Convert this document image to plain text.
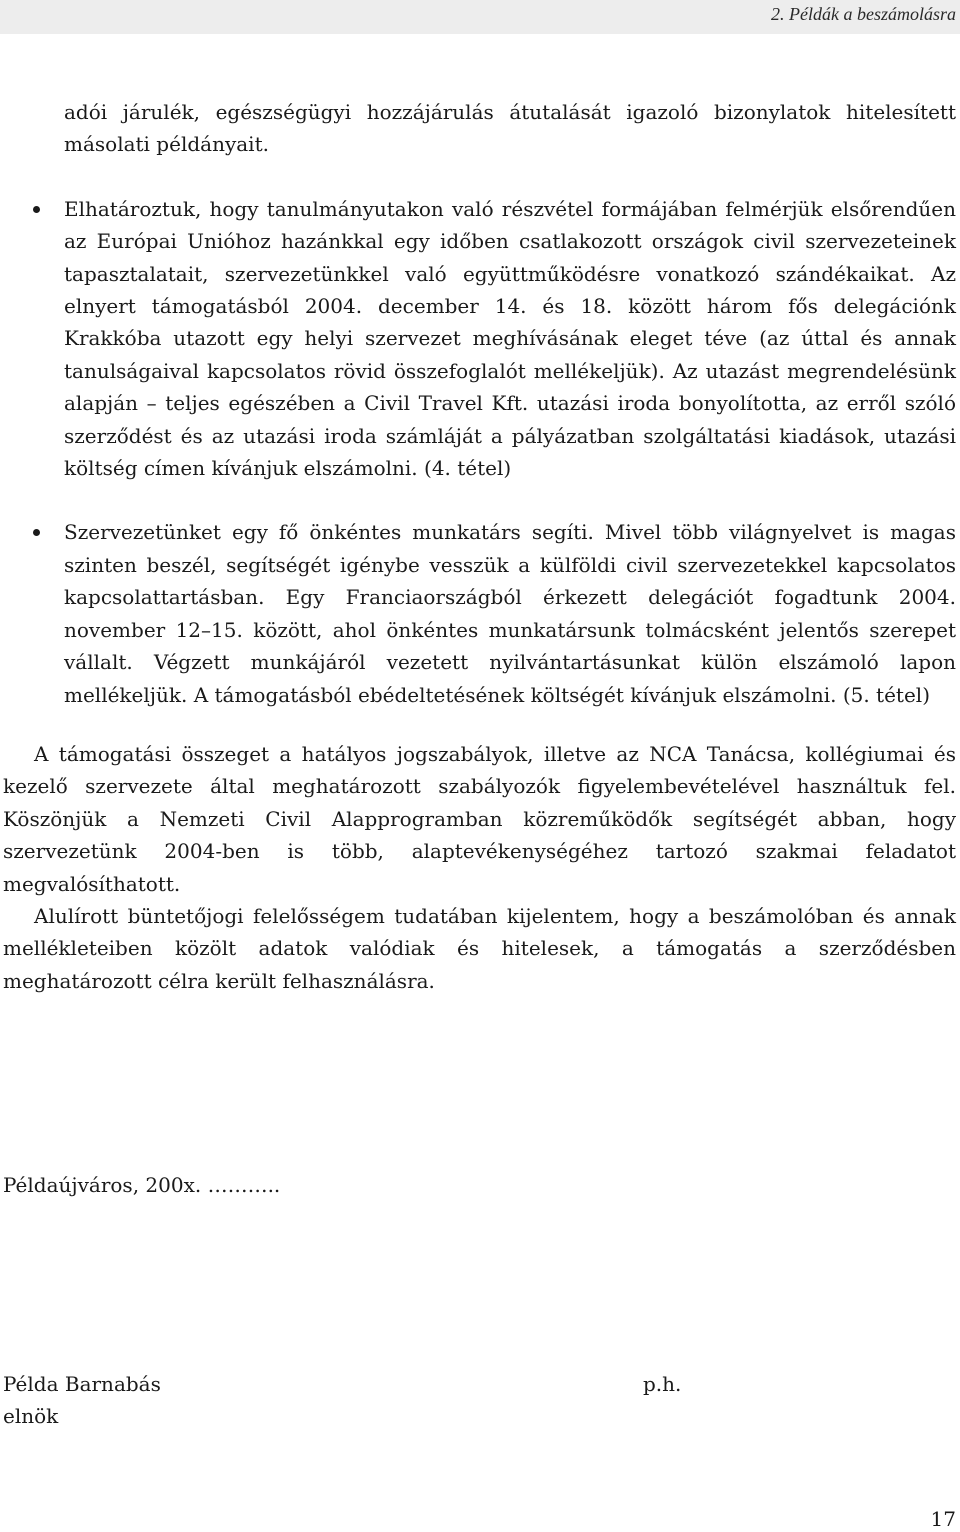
2. Példák a beszámolásra
adói járulék, egészségügyi hozzájárulás átutalását igazoló bizonylatok hitelesített másolati példányait.
Elhatároztuk, hogy tanulmányutakon való részvétel formájában felmérjük elsőrendűen az Európai Unióhoz hazánkkal egy időben csatlakozott országok civil szervezeteinek tapasztalatait, szervezetünkkel való együttműködésre vonatkozó szándékaikat. Az elnyert támogatásból 2004. december 14. és 18. között három fős delegációnk Krakkóba utazott egy helyi szervezet meghívásának eleget téve (az úttal és annak tanulságaival kapcsolatos rövid összefoglalót mellékeljük). Az utazást megrendelésünk alapján – teljes egészében a Civil Travel Kft. utazási iroda bonyolította, az erről szóló szerződést és az utazási iroda számláját a pályázatban szolgáltatási kiadások, utazási költség címen kívánjuk elszámolni. (4. tétel)
Szervezetünket egy fő önkéntes munkatárs segíti. Mivel több világnyelvet is magas szinten beszél, segítségét igénybe vesszük a külföldi civil szervezetekkel kapcsolatos kapcsolattartásban. Egy Franciaországból érkezett delegációt fogadtunk 2004. november 12–15. között, ahol önkéntes munkatársunk tolmácsként jelentős szerepet vállalt. Végzett munkájáról vezetett nyilvántartásunkat külön elszámoló lapon mellékeljük. A támogatásból ebédeltetésének költségét kívánjuk elszámolni. (5. tétel)
A támogatási összeget a hatályos jogszabályok, illetve az NCA Tanácsa, kollégiumai és kezelő szervezete által meghatározott szabályozók figyelembevételével használtuk fel. Köszönjük a Nemzeti Civil Alapprogramban közreműködők segítségét abban, hogy szervezetünk 2004-ben is több, alaptevékenységéhez tartozó szakmai feladatot megvalósíthatott.
Alulírott büntetőjogi felelősségem tudatában kijelentem, hogy a beszámolóban és annak mellékleteiben közölt adatok valódiak és hitelesek, a támogatás a szerződésben meghatározott célra került felhasználásra.
Példaújváros, 200x. ………..
Példa Barnabás
elnök
p.h.
17
